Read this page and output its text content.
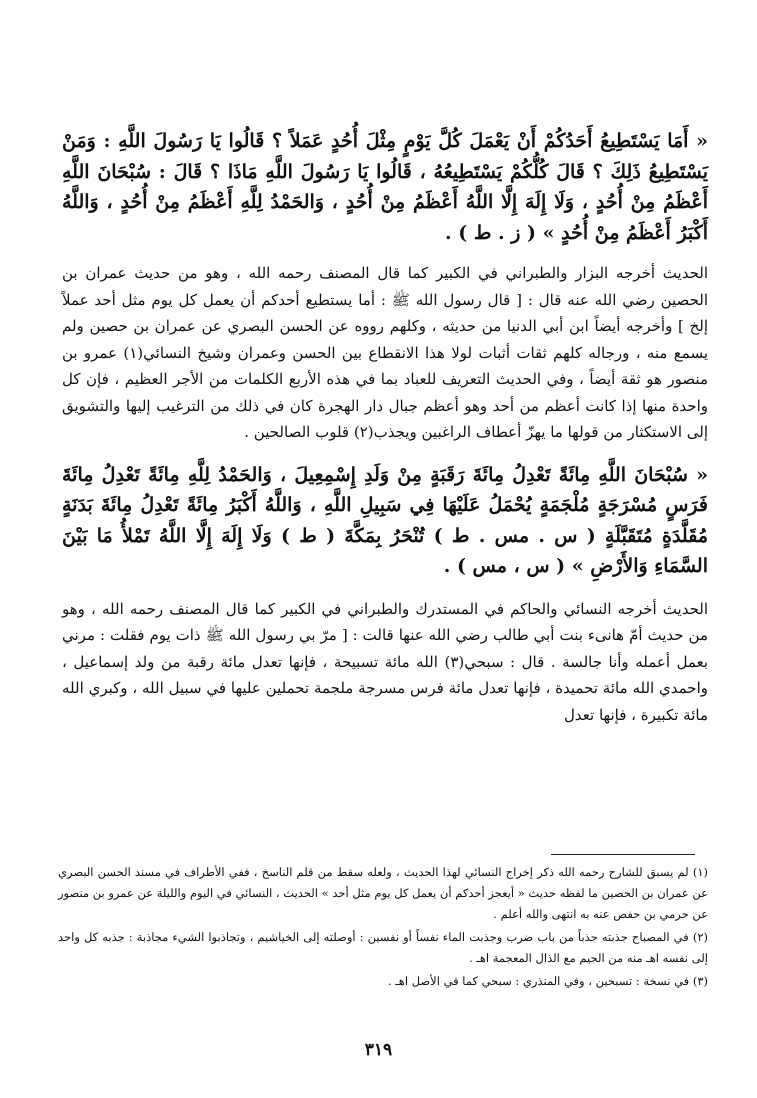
« أَمَا يَسْتَطِيعُ أَحَدُكُمْ أَنْ يَعْمَلَ كُلَّ يَوْمٍ مِثْلَ أُحُدٍ عَمَلاً ؟ قَالُوا يَا رَسُولَ اللَّهِ : وَمَنْ يَسْتَطِيعُ ذَلِكَ ؟ قَالَ كُلُّكُمْ يَسْتَطِيعُهُ ، قَالُوا يَا رَسُولَ اللَّهِ مَاذَا ؟ قَالَ : سُبْحَانَ اللَّهِ أَعْظَمُ مِنْ أُحُدٍ ، وَلَا إِلَهَ إِلَّا اللَّهُ أَعْظَمُ مِنْ أُحُدٍ ، وَالحَمْدُ لِلَّهِ أَعْظَمُ مِنْ أُحُدٍ ، وَاللَّهُ أَكْبَرُ أَعْظَمُ مِنْ أُحُدٍ » ( ز . ط ) .

الحديث أخرجه البزار والطبراني في الكبير كما قال المصنف رحمه الله ، وهو من حديث عمران بن الحصين رضي الله عنه قال : [ قال رسول الله ﷺ : أما يستطيع أحدكم أن يعمل كل يوم مثل أحد عملاً إلخ ] وأخرجه أيضاً ابن أبي الدنيا من حديثه ، وكلهم رووه عن الحسن البصري عن عمران بن حصين ولم يسمع منه ، ورجاله كلهم ثقات أثبات لولا هذا الانقطاع بين الحسن وعمران وشيخ النسائي(١) عمرو بن منصور هو ثقة أيضاً ، وفي الحديث التعريف للعباد بما في هذه الأربع الكلمات من الأجر العظيم ، فإن كل واحدة منها إذا كانت أعظم من أحد وهو أعظم جبال دار الهجرة كان في ذلك من الترغيب إليها والتشويق إلى الاستكثار من قولها ما يهزّ أعطاف الراغبين ويجذب(٢) قلوب الصالحين .

« سُبْحَانَ اللَّهِ مِائَةً تَعْدِلُ مِائَةَ رَقَبَةٍ مِنْ وَلَدِ إِسْمِعِيلَ ، وَالحَمْدُ لِلَّهِ مِائَةً تَعْدِلُ مِائَةَ فَرَسٍ مُسْرَجَةٍ مُلْجَمَةٍ يُحْمَلُ عَلَيْهَا فِي سَبِيلِ اللَّهِ ، وَاللَّهُ أَكْبَرُ مِائَةً تَعْدِلُ مِائَةَ بَدَنَةٍ مُقَلَّدَةٍ مُتَقَبَّلَةٍ ( س . مس . ط ) تُنْحَرُ بِمَكَّةَ ( ط ) وَلَا إِلَهَ إِلَّا اللَّهُ تَمْلأُ مَا بَيْنَ السَّمَاءِ وَالأَرْضِ » ( س ، مس ) .

الحديث أخرجه النسائي والحاكم في المستدرك والطبراني في الكبير كما قال المصنف رحمه الله ، وهو من حديث أمّ هانىء بنت أبي طالب رضي الله عنها قالت : [ مرّ بي رسول الله ﷺ ذات يوم فقلت : مرني بعمل أعمله وأنا جالسة . قال : سبحي(٣) الله مائة تسبيحة ، فإنها تعدل مائة رقبة من ولد إسماعيل ، واحمدي الله مائة تحميدة ، فإنها تعدل مائة فرس مسرجة ملجمة تحملين عليها في سبيل الله ، وكبري الله مائة تكبيرة ، فإنها تعدل

(١) لم يسبق للشارح رحمه الله ذكر إخراج النسائي لهذا الحديث ، ولعله سقط من قلم الناسخ ، ففي الأطراف في مسند الحسن البصري عن عمران بن الحصين ما لفظه حديث « أيعجز أحدكم أن يعمل كل يوم مثل أحد » الحديث ، النسائي في اليوم والليلة عن عمرو بن منصور عن حرمي بن حفص عنه به انتهى والله أعلم .

(٢) في المصباح جذبته جذباً من باب ضرب وجذبت الماء نفساً أو نفسين : أوصلته إلى الخياشيم ، وتجاذبوا الشيء مجاذبة : جذبه كل واحد إلى نفسه اهـ منه من الجيم مع الذال المعجمة اهـ .

(٣) في نسخة : تسبحين ، وفي المنذري : سبحي كما في الأصل اهـ .

٣١٩
